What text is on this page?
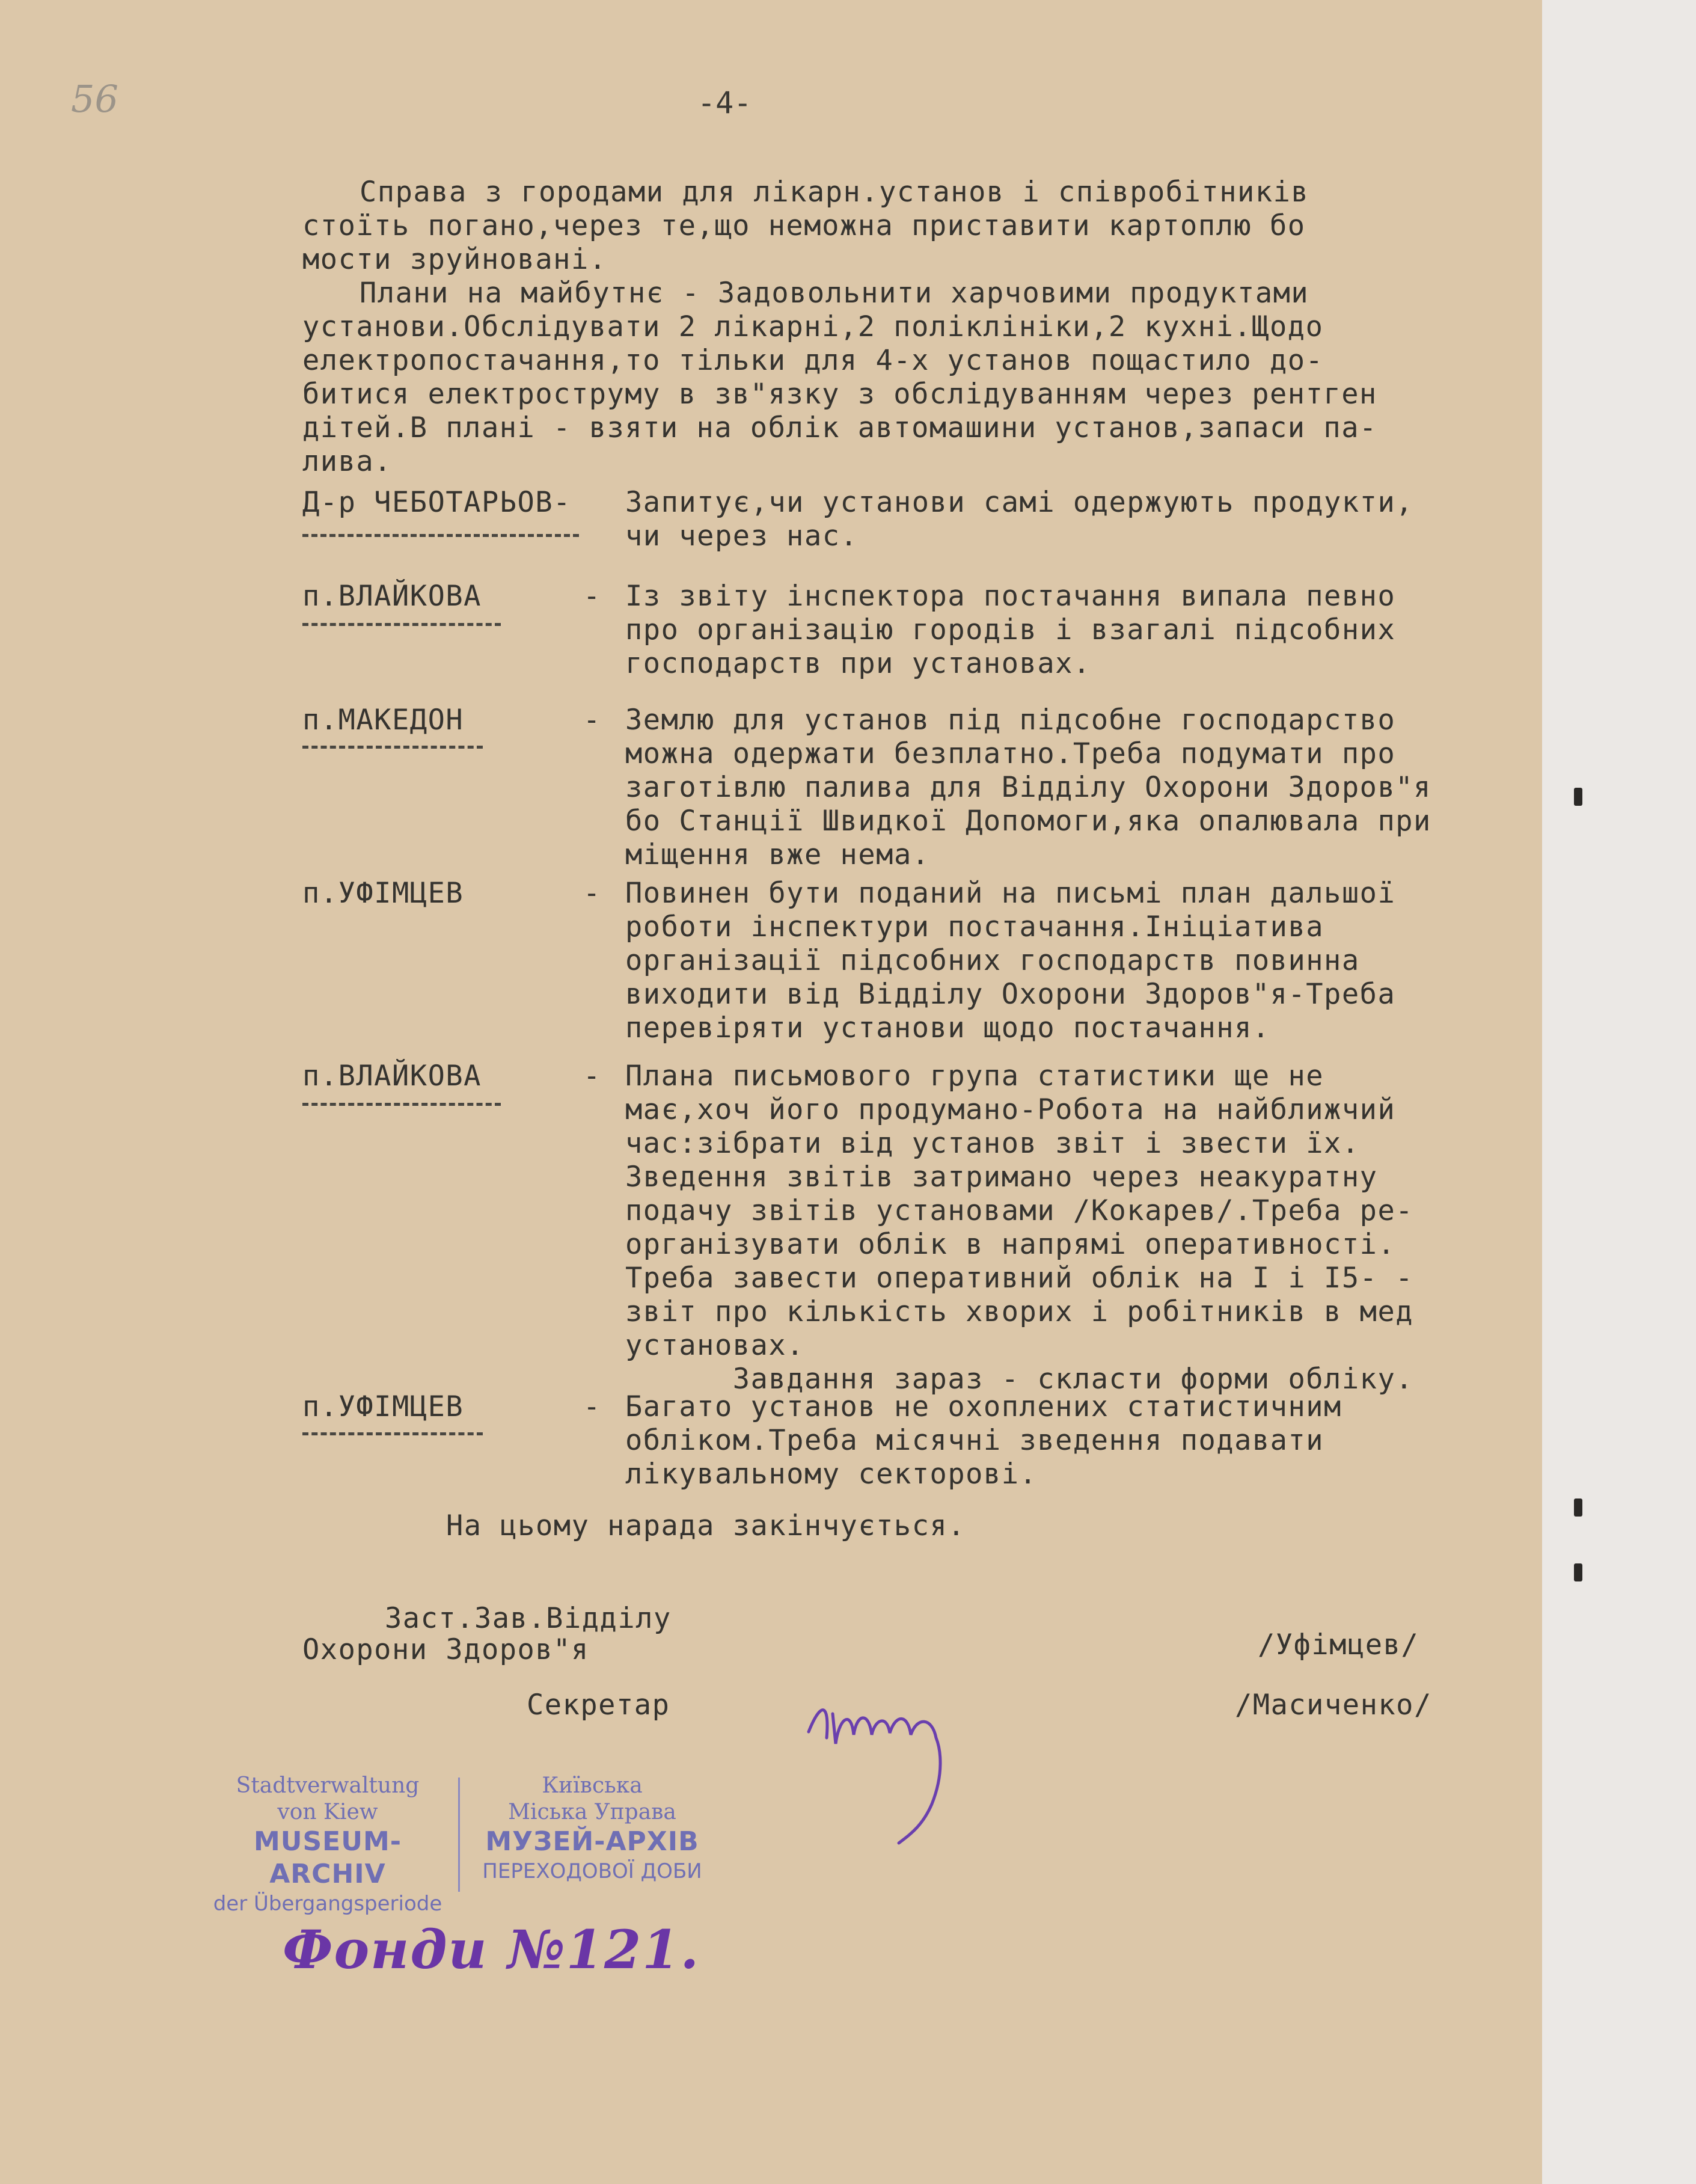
56	-4-
Справа з городами для лікарн.установ і співробітників
стоїть погано,через те,що неможна приставити картоплю бо
мости зруйновані.
Плани на майбутнє - Задовольнити харчовими продуктами
установи.Обслідувати 2 лікарні,2 поліклініки,2 кухні.Щодо
електропостачання,то тільки для 4-х установ пощастило до-
битися електроструму в зв"язку з обслідуванням через рентген
дітей.В плані - взяти на облік автомашини установ,запаси па-
лива.
Д-р ЧЕБОТАРЬОВ- Запитує,чи установи самі одержують продукти,
чи через нас.
п.ВЛАЙКОВА	- Із звіту інспектора постачання випала певно
про організацію городів і взагалі підсобних
господарств при установах.
п.МАКЕДОН	- Землю для установ під підсобне господарство
можна одержати безплатно.Треба подумати про
заготівлю палива для Відділу Охорони Здоров"я
бо Станції Швидкої Допомоги,яка опалювала при
міщення вже нема.
п.УФІМЦЕВ	- Повинен бути поданий на письмі план дальшої
роботи інспектури постачання.Ініціатива
організації підсобних господарств повинна
виходити від Відділу Охорони Здоров"я-Треба
перевіряти установи щодо постачання.
п.ВЛАЙКОВА	- Плана письмового група статистики ще не
має,хоч його продумано-Робота на найближчий
час:зібрати від установ звіт і звести їх.
Зведення звітів затримано через неакуратну
подачу звітів установами /Кокарев/.Треба ре-
організувати облік в напрямі оперативності.
Треба завести оперативний облік на I і I5- -
звіт про кількість хворих і робітників в мед
установах.
Завдання зараз - скласти форми обліку.
п.УФІМЦЕВ	- Багато установ не охоплених статистичним
обліком.Треба місячні зведення подавати
лікувальному секторові.
На цьому нарада закінчується.
Заст.Зав.Відділу
Охорони Здоров"я	/Уфімцев/
Секретар	/Масиченко/
Stadtverwaltung
von Kiew
MUSEUM-ARCHIV
der Übergangsperiode
Київська
Міська Управа
МУЗЕЙ-АРХІВ
ПЕРЕХОДОВОЇ ДОБИ
Фонди №121.
